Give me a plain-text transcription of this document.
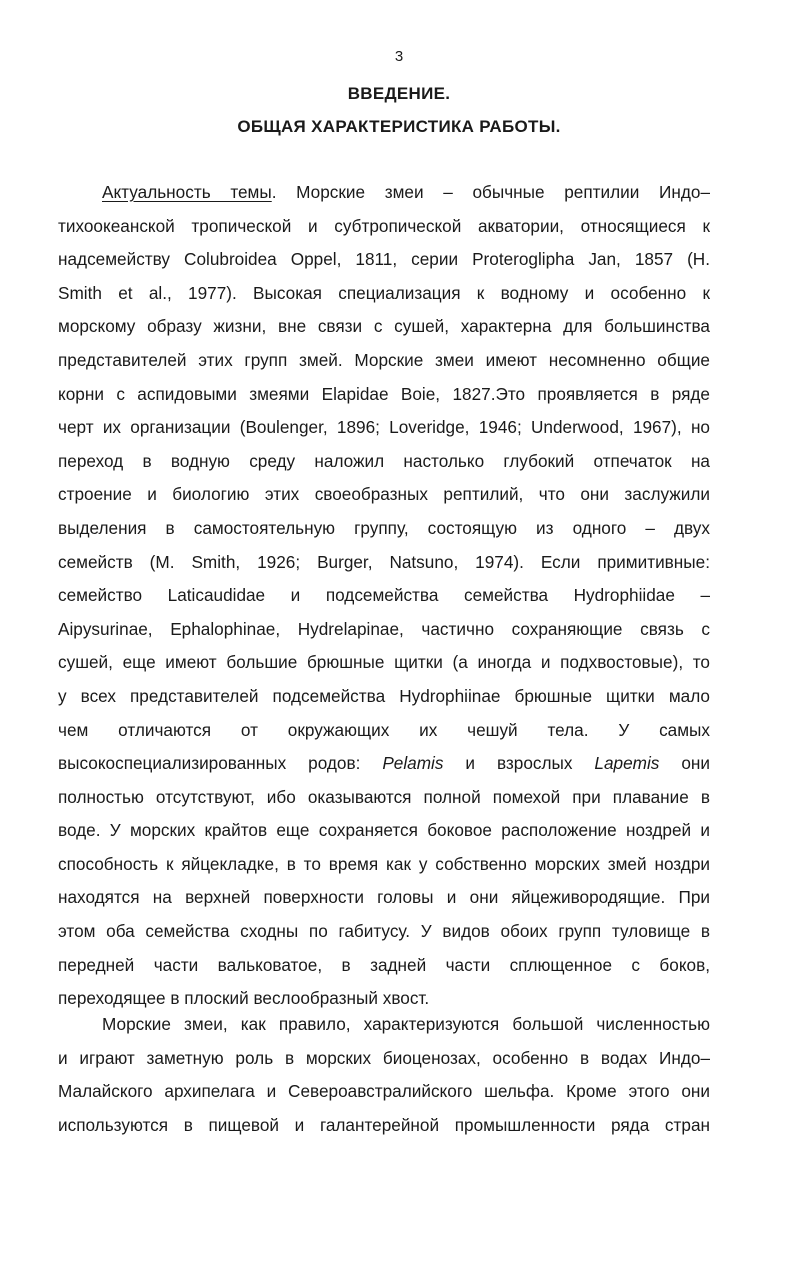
3
ВВЕДЕНИЕ.
ОБЩАЯ ХАРАКТЕРИСТИКА РАБОТЫ.
Актуальность темы. Морские змеи – обычные рептилии Индо–
тихоокеанской тропической и субтропической акватории, относящиеся к
надсемейству Colubroidea Oppel, 1811, серии Proteroglipha Jan, 1857 (H.
Smith et al., 1977). Высокая специализация к водному и особенно к
морскому образу жизни, вне связи с сушей, характерна для большинства
представителей этих групп змей. Морские змеи имеют несомненно общие
корни с аспидовыми змеями Elapidae Boie, 1827.Это проявляется в ряде
черт их организации (Boulenger, 1896; Loveridge, 1946; Underwood, 1967), но
переход в водную среду наложил настолько глубокий отпечаток на
строение и биологию этих своеобразных рептилий, что они заслужили
выделения в самостоятельную группу, состоящую из одного – двух
семейств (M. Smith, 1926; Burger, Natsuno, 1974). Если примитивные:
семейство Laticaudidae и подсемейства семейства Hydrophiidae –
Aipysurinae, Ephalophinae, Hydrelapinae, частично сохраняющие связь с
сушей, еще имеют большие брюшные щитки (а иногда и подхвостовые), то
у всех представителей подсемейства Hydrophiinae брюшные щитки мало
чем отличаются от окружающих их чешуй тела. У самых
высокоспециализированных родов: Pelamis и взрослых Lapemis они
полностью отсутствуют, ибо оказываются полной помехой при плавание в
воде. У морских крайтов еще сохраняется боковое расположение ноздрей и
способность к яйцекладке, в то время как у собственно морских змей ноздри
находятся на верхней поверхности головы и они яйцеживородящие. При
этом оба семейства сходны по габитусу. У видов обоих групп туловище в
передней части вальковатое, в задней части сплющенное с боков,
переходящее в плоский веслообразный хвост.
Морские змеи, как правило, характеризуются большой численностью
и играют заметную роль в морских биоценозах, особенно в водах Индо–
Малайского архипелага и Североавстралийского шельфа. Кроме этого они
используются в пищевой и галантерейной промышленности ряда стран
